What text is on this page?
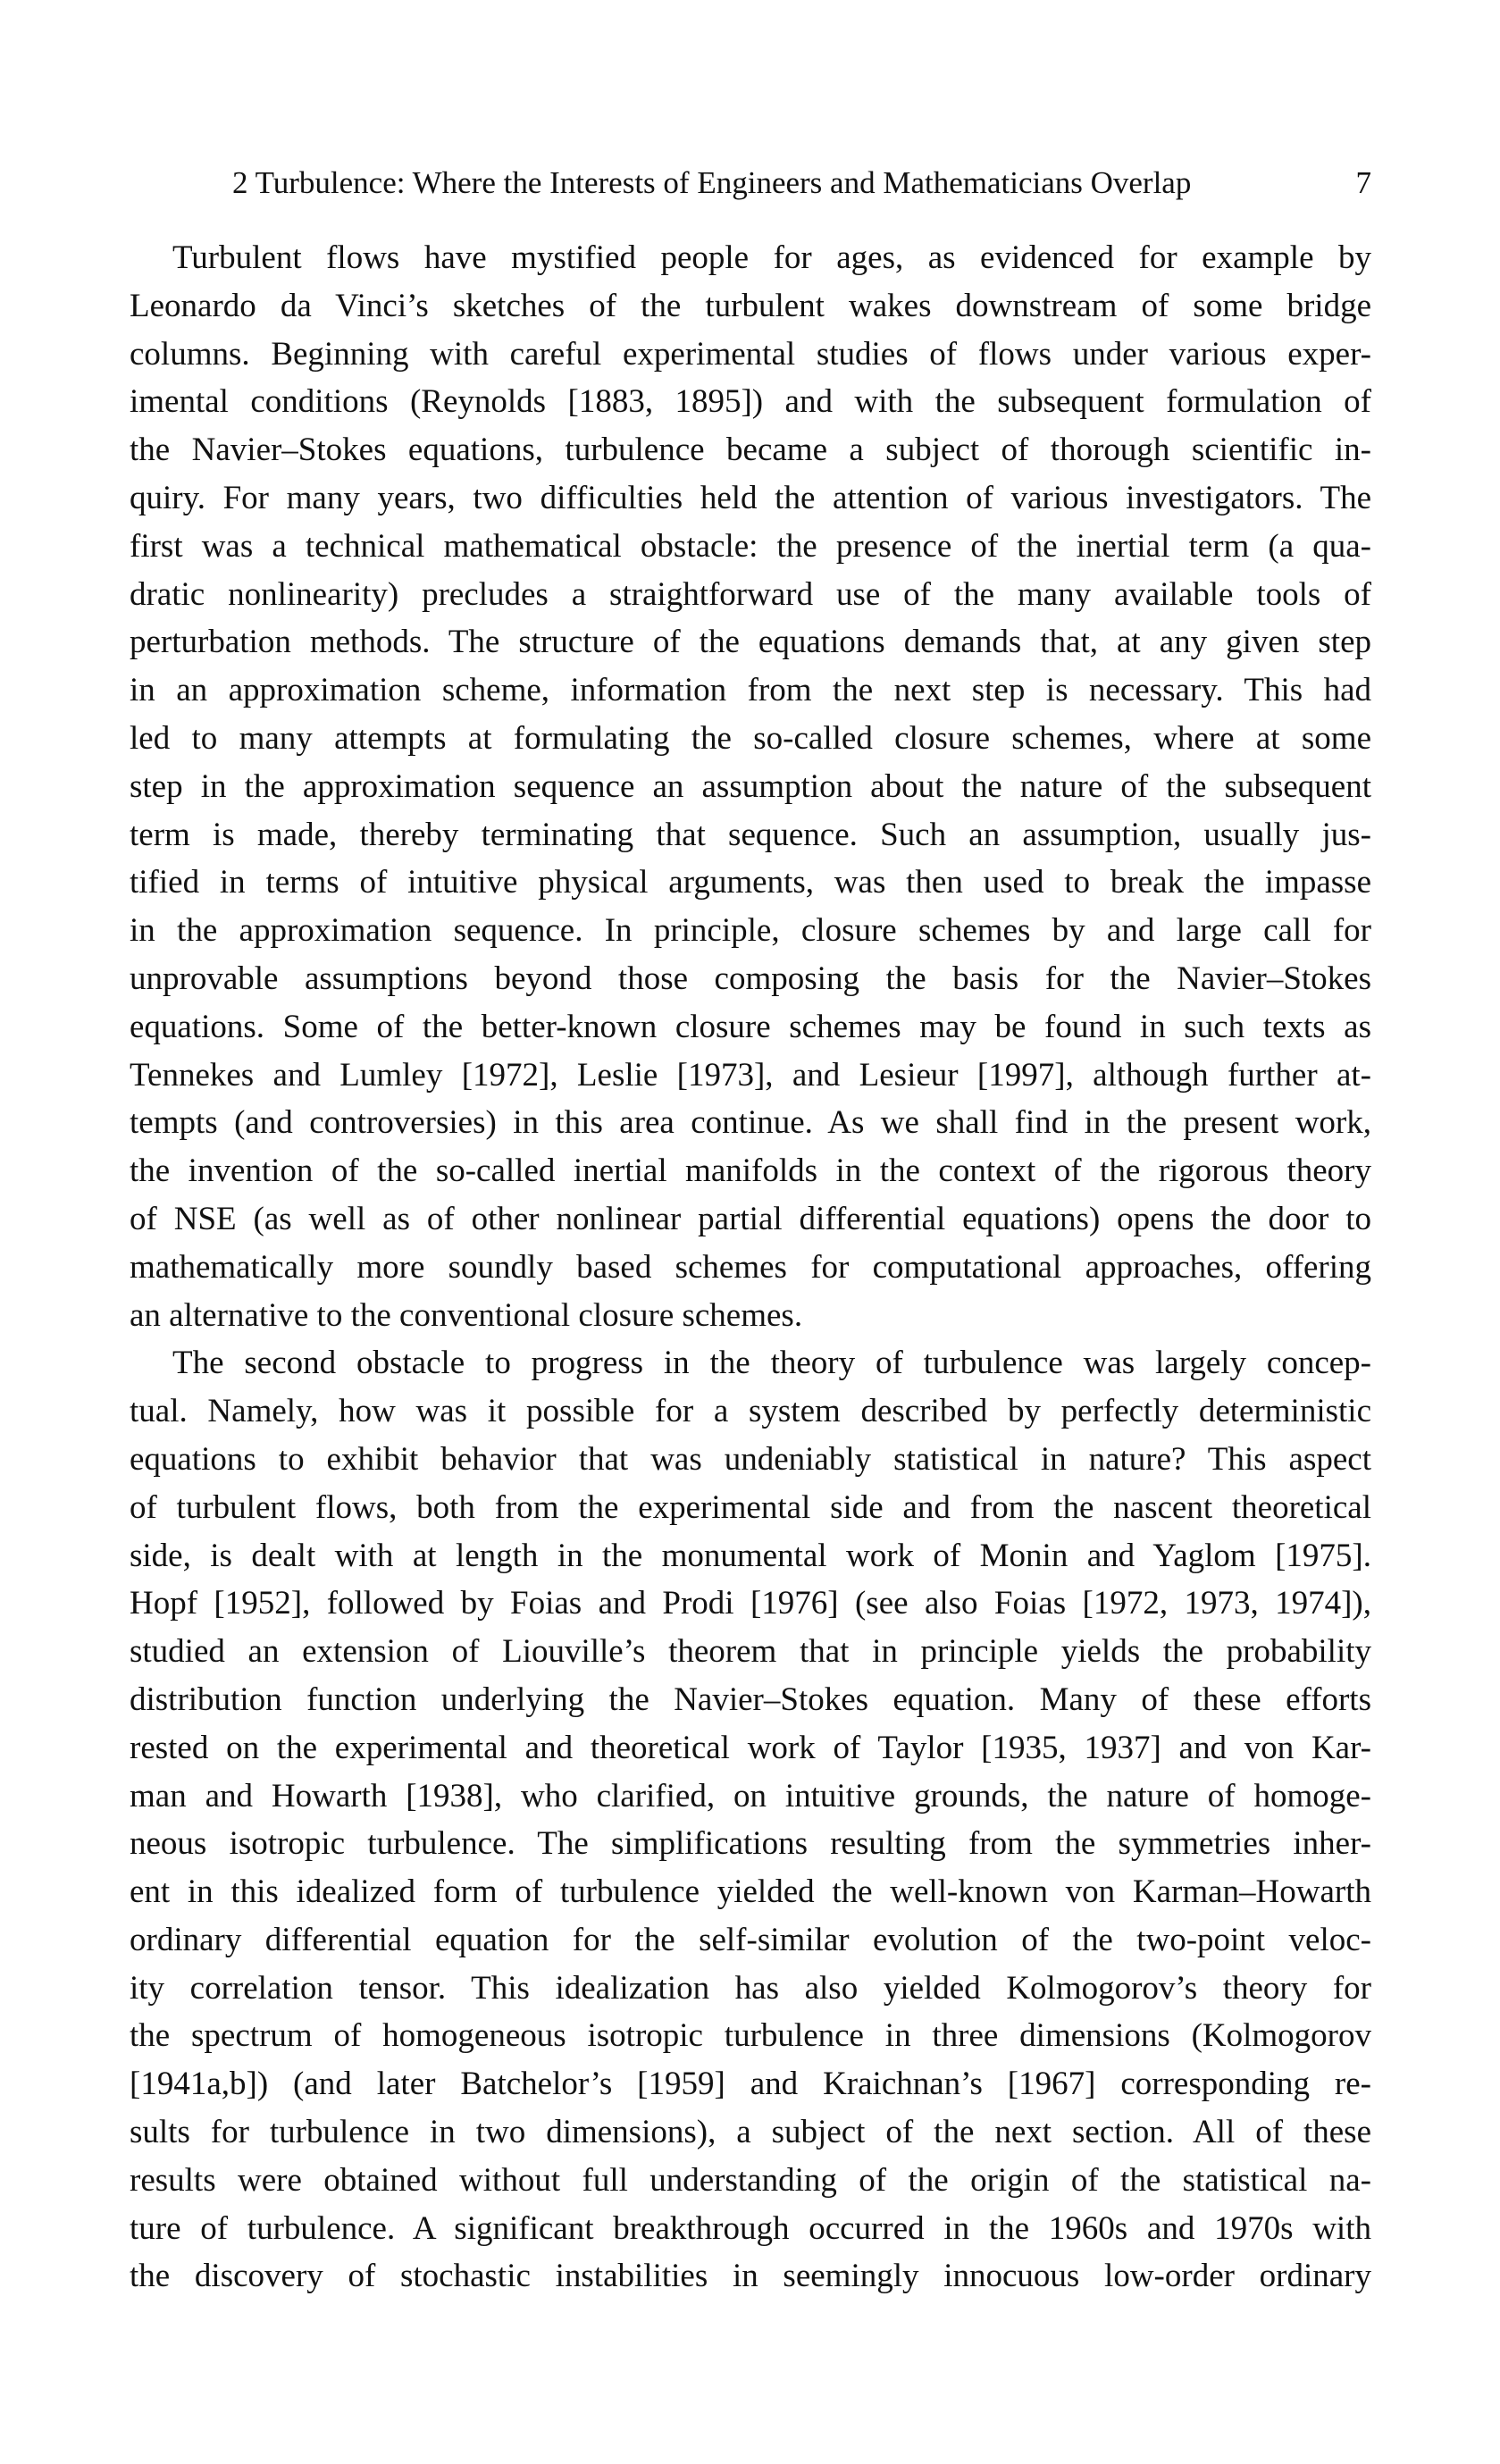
2 Turbulence: Where the Interests of Engineers and Mathematicians Overlap	7
Turbulent flows have mystified people for ages, as evidenced for example by
Leonardo da Vinci’s sketches of the turbulent wakes downstream of some bridge
columns. Beginning with careful experimental studies of flows under various exper-
imental conditions (Reynolds [1883, 1895]) and with the subsequent formulation of
the Navier–Stokes equations, turbulence became a subject of thorough scientific in-
quiry. For many years, two difficulties held the attention of various investigators. The
first was a technical mathematical obstacle: the presence of the inertial term (a qua-
dratic nonlinearity) precludes a straightforward use of the many available tools of
perturbation methods. The structure of the equations demands that, at any given step
in an approximation scheme, information from the next step is necessary. This had
led to many attempts at formulating the so-called closure schemes, where at some
step in the approximation sequence an assumption about the nature of the subsequent
term is made, thereby terminating that sequence. Such an assumption, usually jus-
tified in terms of intuitive physical arguments, was then used to break the impasse
in the approximation sequence. In principle, closure schemes by and large call for
unprovable assumptions beyond those composing the basis for the Navier–Stokes
equations. Some of the better-known closure schemes may be found in such texts as
Tennekes and Lumley [1972], Leslie [1973], and Lesieur [1997], although further at-
tempts (and controversies) in this area continue. As we shall find in the present work,
the invention of the so-called inertial manifolds in the context of the rigorous theory
of NSE (as well as of other nonlinear partial differential equations) opens the door to
mathematically more soundly based schemes for computational approaches, offering
an alternative to the conventional closure schemes.
The second obstacle to progress in the theory of turbulence was largely concep-
tual. Namely, how was it possible for a system described by perfectly deterministic
equations to exhibit behavior that was undeniably statistical in nature? This aspect
of turbulent flows, both from the experimental side and from the nascent theoretical
side, is dealt with at length in the monumental work of Monin and Yaglom [1975].
Hopf [1952], followed by Foias and Prodi [1976] (see also Foias [1972, 1973, 1974]),
studied an extension of Liouville’s theorem that in principle yields the probability
distribution function underlying the Navier–Stokes equation. Many of these efforts
rested on the experimental and theoretical work of Taylor [1935, 1937] and von Kar-
man and Howarth [1938], who clarified, on intuitive grounds, the nature of homoge-
neous isotropic turbulence. The simplifications resulting from the symmetries inher-
ent in this idealized form of turbulence yielded the well-known von Karman–Howarth
ordinary differential equation for the self-similar evolution of the two-point veloc-
ity correlation tensor. This idealization has also yielded Kolmogorov’s theory for
the spectrum of homogeneous isotropic turbulence in three dimensions (Kolmogorov
[1941a,b]) (and later Batchelor’s [1959] and Kraichnan’s [1967] corresponding re-
sults for turbulence in two dimensions), a subject of the next section. All of these
results were obtained without full understanding of the origin of the statistical na-
ture of turbulence. A significant breakthrough occurred in the 1960s and 1970s with
the discovery of stochastic instabilities in seemingly innocuous low-order ordinary
